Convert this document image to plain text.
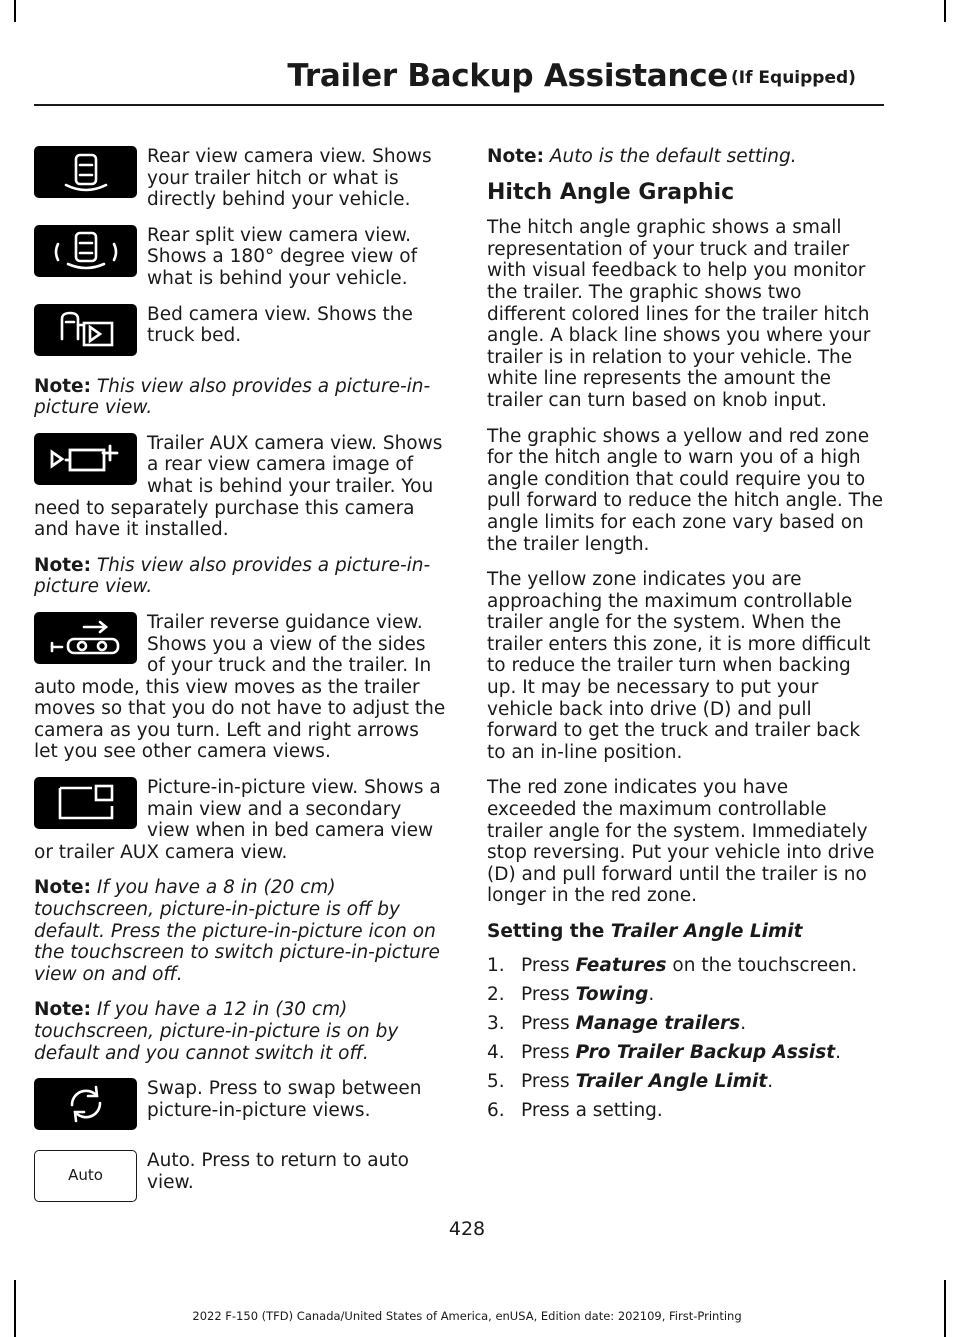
Trailer Backup Assistance (If Equipped)

Rear view camera view. Shows your trailer hitch or what is directly behind your vehicle.

Rear split view camera view. Shows a 180° degree view of what is behind your vehicle.

Bed camera view. Shows the truck bed.

Note: This view also provides a picture-in-picture view.

Trailer AUX camera view. Shows a rear view camera image of what is behind your trailer. You need to separately purchase this camera and have it installed.

Note: This view also provides a picture-in-picture view.

Trailer reverse guidance view. Shows you a view of the sides of your truck and the trailer. In auto mode, this view moves as the trailer moves so that you do not have to adjust the camera as you turn. Left and right arrows let you see other camera views.

Picture-in-picture view. Shows a main view and a secondary view when in bed camera view or trailer AUX camera view.

Note: If you have a 8 in (20 cm) touchscreen, picture-in-picture is off by default. Press the picture-in-picture icon on the touchscreen to switch picture-in-picture view on and off.

Note: If you have a 12 in (30 cm) touchscreen, picture-in-picture is on by default and you cannot switch it off.

Swap. Press to swap between picture-in-picture views.

Auto

Auto. Press to return to auto view.

Note: Auto is the default setting.

Hitch Angle Graphic

The hitch angle graphic shows a small representation of your truck and trailer with visual feedback to help you monitor the trailer. The graphic shows two different colored lines for the trailer hitch angle. A black line shows you where your trailer is in relation to your vehicle. The white line represents the amount the trailer can turn based on knob input.

The graphic shows a yellow and red zone for the hitch angle to warn you of a high angle condition that could require you to pull forward to reduce the hitch angle. The angle limits for each zone vary based on the trailer length.

The yellow zone indicates you are approaching the maximum controllable trailer angle for the system. When the trailer enters this zone, it is more difficult to reduce the trailer turn when backing up. It may be necessary to put your vehicle back into drive (D) and pull forward to get the truck and trailer back to an in-line position.

The red zone indicates you have exceeded the maximum controllable trailer angle for the system. Immediately stop reversing. Put your vehicle into drive (D) and pull forward until the trailer is no longer in the red zone.

Setting the Trailer Angle Limit
1. Press Features on the touchscreen.
2. Press Towing.
3. Press Manage trailers.
4. Press Pro Trailer Backup Assist.
5. Press Trailer Angle Limit.
6. Press a setting.
428
2022 F-150 (TFD) Canada/United States of America, enUSA, Edition date: 202109, First-Printing
